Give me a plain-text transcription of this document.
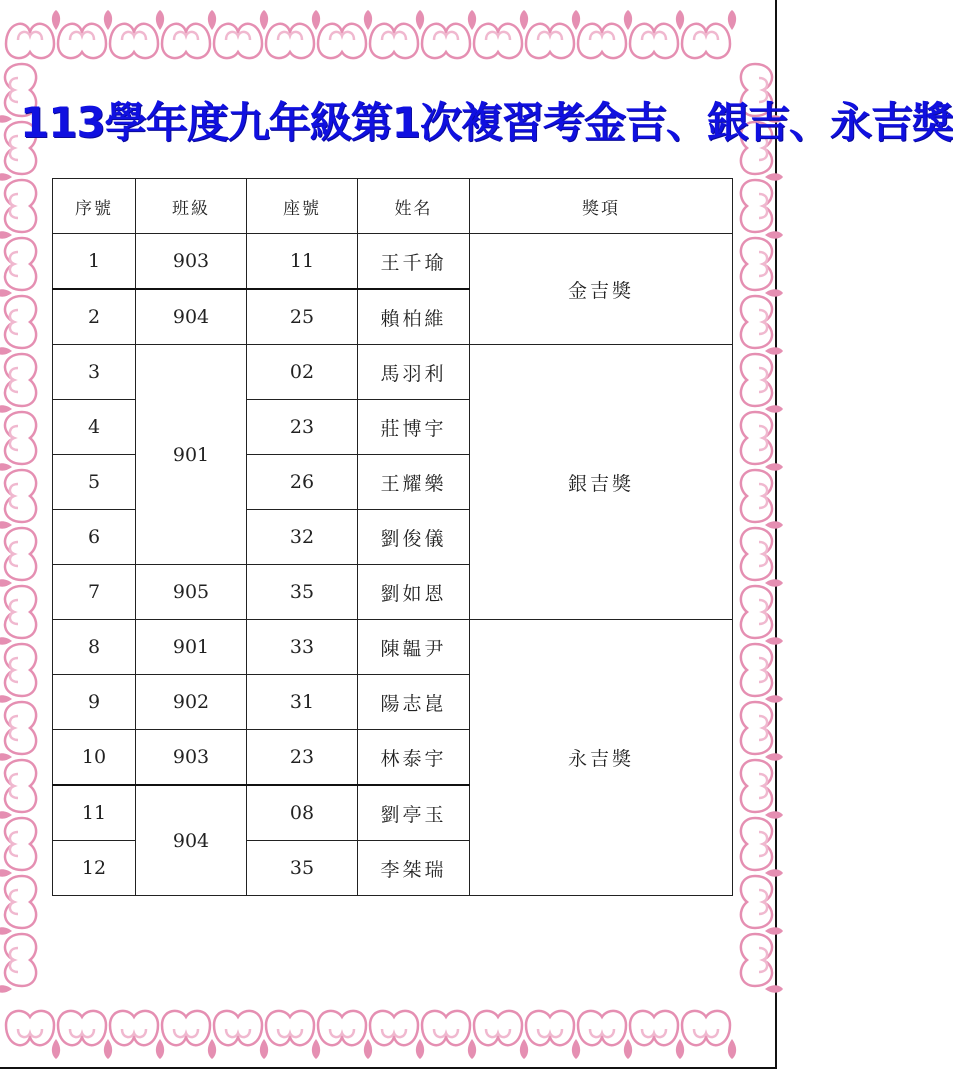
113學年度九年級第1次複習考金吉、銀吉、永吉獎
序號	班級	座號	姓名	獎項
1	903	11	王千瑜	金吉獎
2	904	25	賴柏維	
3	901	02	馬羽利	銀吉獎
4		23	莊博宇	
5		26	王耀樂	
6		32	劉俊儀	
7	905	35	劉如恩	
8	901	33	陳韞尹	永吉獎
9	902	31	陽志崑	
10	903	23	林泰宇	
11	904	08	劉亭玉	
12		35	李桀瑞	
